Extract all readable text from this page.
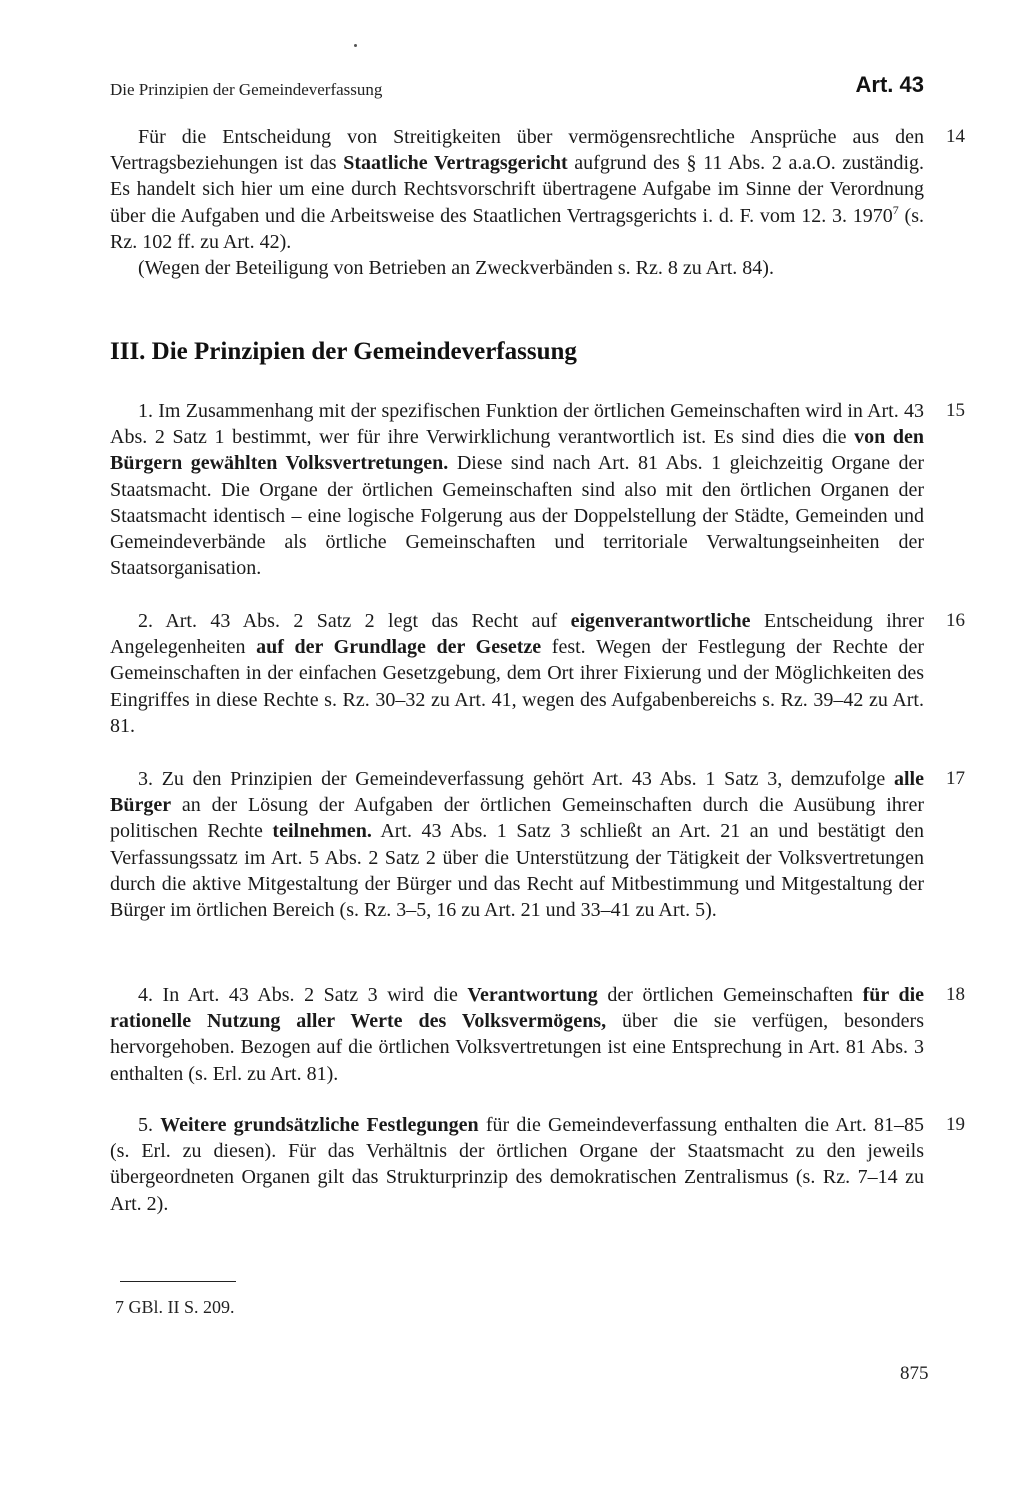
Die Prinzipien der Gemeindeverfassung	Art. 43

Für die Entscheidung von Streitigkeiten über vermögensrechtliche Ansprüche aus den Vertragsbeziehungen ist das Staatliche Vertragsgericht aufgrund des § 11 Abs. 2 a.a.O. zuständig. Es handelt sich hier um eine durch Rechtsvorschrift übertragene Aufgabe im Sinne der Verordnung über die Aufgaben und die Arbeitsweise des Staatlichen Vertragsgerichts i. d. F. vom 12. 3. 1970$^7$ (s. Rz. 102 ff. zu Art. 42).

(Wegen der Beteiligung von Betrieben an Zweckverbänden s. Rz. 8 zu Art. 84).

14
III. Die Prinzipien der Gemeindeverfassung

1. Im Zusammenhang mit der spezifischen Funktion der örtlichen Gemeinschaften wird in Art. 43 Abs. 2 Satz 1 bestimmt, wer für ihre Verwirklichung verantwortlich ist. Es sind dies die von den Bürgern gewählten Volksvertretungen. Diese sind nach Art. 81 Abs. 1 gleichzeitig Organe der Staatsmacht. Die Organe der örtlichen Gemeinschaften sind also mit den örtlichen Organen der Staatsmacht identisch – eine logische Folgerung aus der Doppelstellung der Städte, Gemeinden und Gemeindeverbände als örtliche Gemeinschaften und territoriale Verwaltungseinheiten der Staatsorganisation.

15

2. Art. 43 Abs. 2 Satz 2 legt das Recht auf eigenverantwortliche Entscheidung ihrer Angelegenheiten auf der Grundlage der Gesetze fest. Wegen der Festlegung der Rechte der Gemeinschaften in der einfachen Gesetzgebung, dem Ort ihrer Fixierung und der Möglichkeiten des Eingriffes in diese Rechte s. Rz. 30–32 zu Art. 41, wegen des Aufgabenbereichs s. Rz. 39–42 zu Art. 81.

16

3. Zu den Prinzipien der Gemeindeverfassung gehört Art. 43 Abs. 1 Satz 3, demzufolge alle Bürger an der Lösung der Aufgaben der örtlichen Gemeinschaften durch die Ausübung ihrer politischen Rechte teilnehmen. Art. 43 Abs. 1 Satz 3 schließt an Art. 21 an und bestätigt den Verfassungssatz im Art. 5 Abs. 2 Satz 2 über die Unterstützung der Tätigkeit der Volksvertretungen durch die aktive Mitgestaltung der Bürger und das Recht auf Mitbestimmung und Mitgestaltung der Bürger im örtlichen Bereich (s. Rz. 3–5, 16 zu Art. 21 und 33–41 zu Art. 5).

17

4. In Art. 43 Abs. 2 Satz 3 wird die Verantwortung der örtlichen Gemeinschaften für die rationelle Nutzung aller Werte des Volksvermögens, über die sie verfügen, besonders hervorgehoben. Bezogen auf die örtlichen Volksvertretungen ist eine Entsprechung in Art. 81 Abs. 3 enthalten (s. Erl. zu Art. 81).

18

5. Weitere grundsätzliche Festlegungen für die Gemeindeverfassung enthalten die Art. 81–85 (s. Erl. zu diesen). Für das Verhältnis der örtlichen Organe der Staatsmacht zu den jeweils übergeordneten Organen gilt das Strukturprinzip des demokratischen Zentralismus (s. Rz. 7–14 zu Art. 2).

19
7 GBl. II S. 209.
875
